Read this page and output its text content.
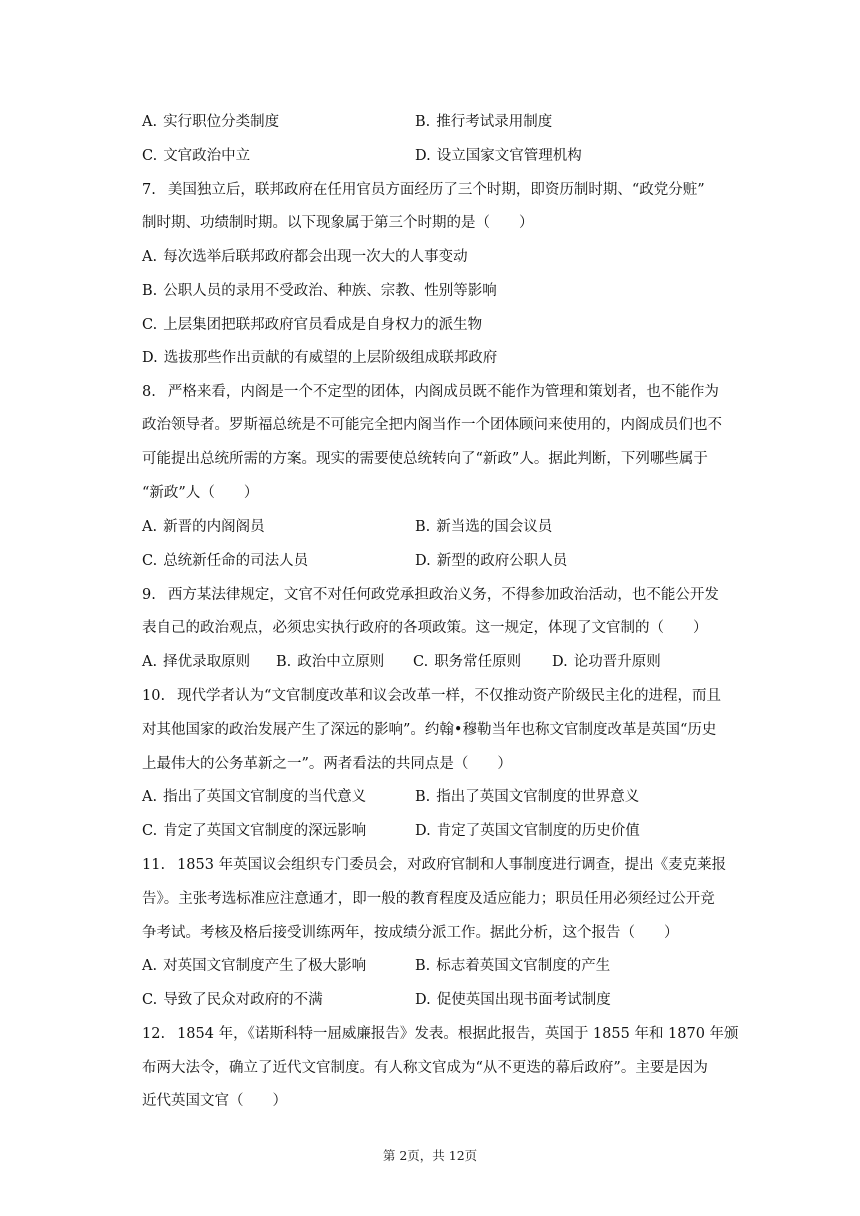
A. 实行职位分类制度	B. 推行考试录用制度
C. 文官政治中立	D. 设立国家文官管理机构
7. 美国独立后，联邦政府在任用官员方面经历了三个时期，即资历制时期、“政党分赃”
制时期、功绩制时期。以下现象属于第三个时期的是（　　）
A. 每次选举后联邦政府都会出现一次大的人事变动
B. 公职人员的录用不受政治、种族、宗教、性别等影响
C. 上层集团把联邦政府官员看成是自身权力的派生物
D. 选拔那些作出贡献的有威望的上层阶级组成联邦政府
8. 严格来看，内阁是一个不定型的团体，内阁成员既不能作为管理和策划者，也不能作为
政治领导者。罗斯福总统是不可能完全把内阁当作一个团体顾问来使用的，内阁成员们也不
可能提出总统所需的方案。现实的需要使总统转向了“新政”人。据此判断，下列哪些属于
“新政”人（　　）
A. 新晋的内阁阁员	B. 新当选的国会议员
C. 总统新任命的司法人员	D. 新型的政府公职人员
9. 西方某法律规定，文官不对任何政党承担政治义务，不得参加政治活动，也不能公开发
表自己的政治观点，必须忠实执行政府的各项政策。这一规定，体现了文官制的（　　）
A. 择优录取原则 B. 政治中立原则 C. 职务常任原则 D. 论功晋升原则
10. 现代学者认为“文官制度改革和议会改革一样，不仅推动资产阶级民主化的进程，而且
对其他国家的政治发展产生了深远的影响”。约翰•穆勒当年也称文官制度改革是英国“历史
上最伟大的公务革新之一”。两者看法的共同点是（　　）
A. 指出了英国文官制度的当代意义	B. 指出了英国文官制度的世界意义
C. 肯定了英国文官制度的深远影响	D. 肯定了英国文官制度的历史价值
11. 1853 年英国议会组织专门委员会，对政府官制和人事制度进行调查，提出《麦克莱报
告》。主张考选标准应注意通才，即一般的教育程度及适应能力；职员任用必须经过公开竞
争考试。考核及格后接受训练两年，按成绩分派工作。据此分析，这个报告（　　）
A. 对英国文官制度产生了极大影响	B. 标志着英国文官制度的产生
C. 导致了民众对政府的不满	D. 促使英国出现书面考试制度
12. 1854 年，《诺斯科特一屈威廉报告》发表。根据此报告，英国于 1855 年和 1870 年颁
布两大法令，确立了近代文官制度。有人称文官成为“从不更迭的幕后政府”。主要是因为
近代英国文官（　　）
第 2页，共 12页
